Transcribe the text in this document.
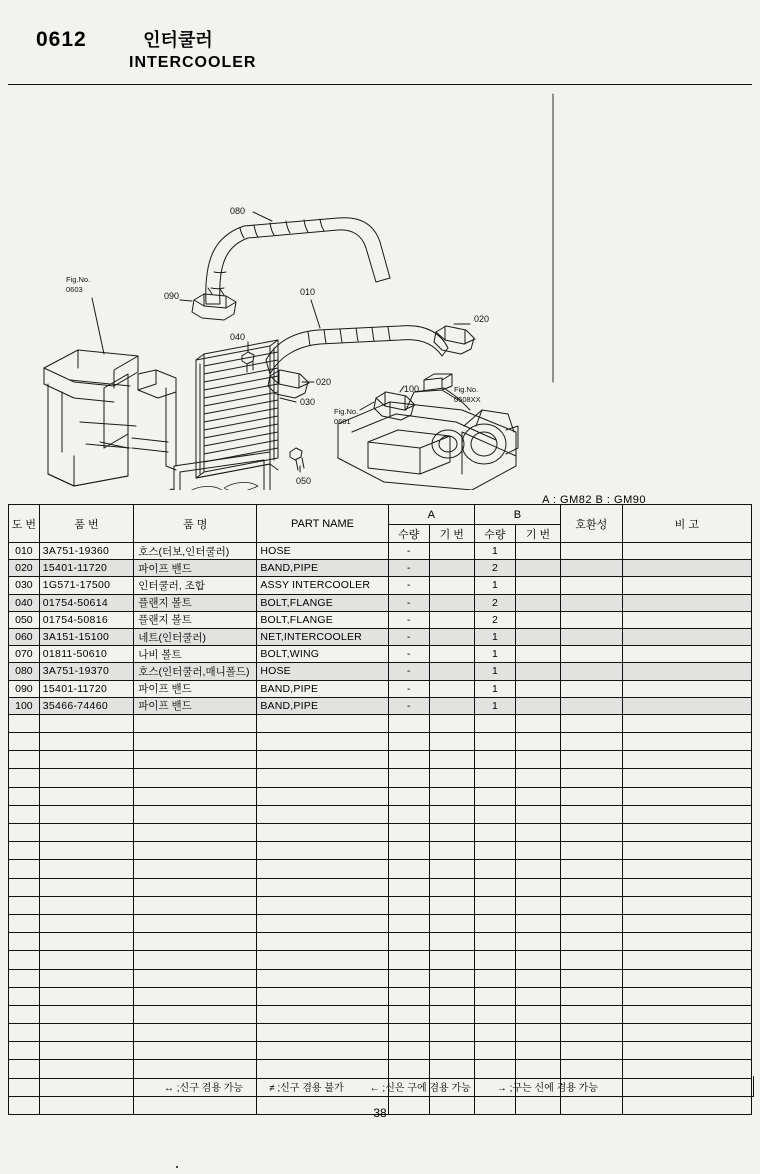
0612	인터쿨러
INTERCOOLER
080
090	010
020
020
030
040
050
Fig.No.
0603
100
Fig.No.
0601
Fig.No.
0608XX
A : GM82 B : GM90
도 번	품 번	품 명	PART NAME	A		B		호환성	비 고
				수량	기 번	수량	기 번		
010	3A751-19360	호스(터보,인터쿨러)	HOSE	-		1			
020	15401-11720	파이프 밴드	BAND,PIPE	-		2			
030	1G571-17500	인터쿨러, 조합	ASSY INTERCOOLER	-		1			
040	01754-50614	플랜지 볼트	BOLT,FLANGE	-		2			
050	01754-50816	플랜지 볼트	BOLT,FLANGE	-		2			
060	3A151-15100	네트(인터쿨러)	NET,INTERCOOLER	-		1			
070	01811-50610	나비 볼트	BOLT,WING	-		1			
080	3A751-19370	호스(인터쿨러,매니폴드)	HOSE	-		1			
090	15401-11720	파이프 밴드	BAND,PIPE	-		1			
100	35466-74460	파이프 밴드	BAND,PIPE	-		1			

↔ ;신구 겸용 가능	≠ ;신구 겸용 불가	← ;신은 구에 겸용 가능	→ ;구는 신에 겸용 가능
38
